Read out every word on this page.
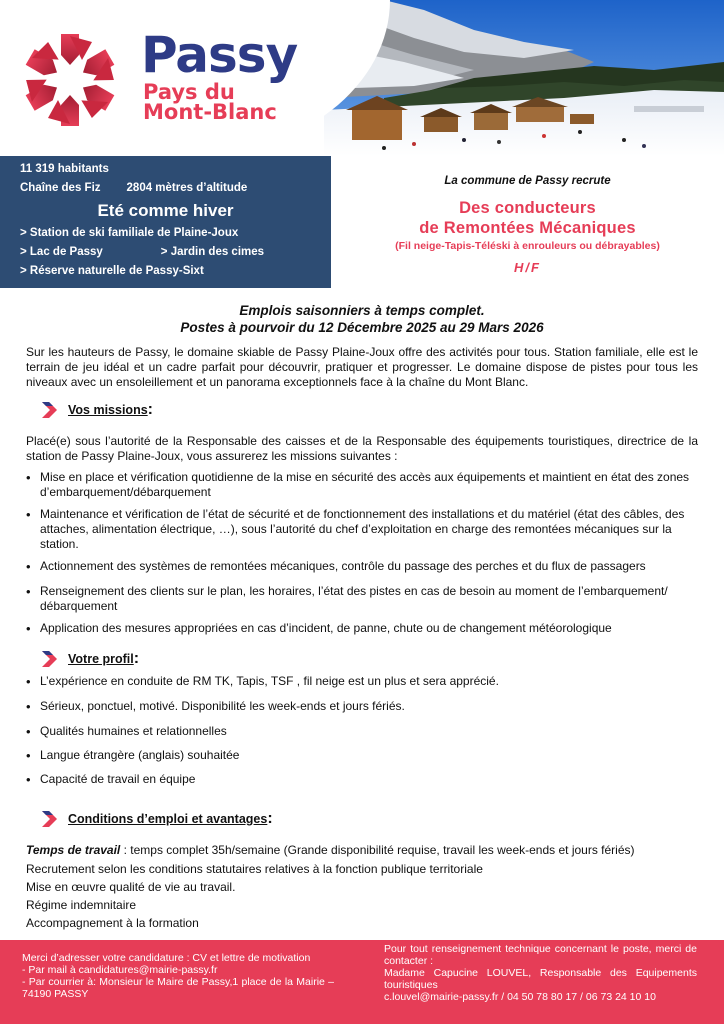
Passy
Pays du
Mont-Blanc
11 319 habitants
Chaîne des Fiz 2804 mètres d’altitude
Eté comme hiver
> Station de ski familiale de Plaine-Joux
> Lac de Passy	> Jardin des cimes
> Réserve naturelle de Passy-Sixt
La commune de Passy recrute
Des conducteurs
de Remontées Mécaniques
(Fil neige-Tapis-Téléski à enrouleurs ou débrayables)
H/F
Emplois saisonniers à temps complet.
Postes à pourvoir du 12 Décembre 2025 au 29 Mars 2026
Sur les hauteurs de Passy, le domaine skiable de Passy Plaine-Joux offre des activités pour tous. Station familiale, elle est le terrain de jeu idéal et un cadre parfait pour découvrir, pratiquer et progresser. Le domaine dispose de pistes pour tous les niveaux avec un ensoleillement et un panorama exceptionnels face à la chaîne du Mont Blanc.
Vos missions :
Placé(e) sous l’autorité de la Responsable des caisses et de la Responsable des équipements touristiques, directrice de la station de Passy Plaine-Joux, vous assurerez les missions suivantes :
• Mise en place et vérification quotidienne de la mise en sécurité des accès aux équipements et maintient en état des zones d’embarquement/débarquement
• Maintenance et vérification de l’état de sécurité et de fonctionnement des installations et du matériel (état des câbles, des attaches, alimentation électrique, …), sous l’autorité du chef d’exploitation en charge des remontées mécaniques sur la station.
• Actionnement des systèmes de remontées mécaniques, contrôle du passage des perches et du flux de passagers
• Renseignement des clients sur le plan, les horaires, l’état des pistes en cas de besoin au moment de l’embarquement/ débarquement
• Application des mesures appropriées en cas d’incident, de panne, chute ou de changement météorologique
Votre profil :
• L’expérience en conduite de RM TK, Tapis, TSF , fil neige est un plus et sera apprécié.
• Sérieux, ponctuel, motivé. Disponibilité les week-ends et jours fériés.
• Qualités humaines et relationnelles
• Langue étrangère (anglais) souhaitée
• Capacité de travail en équipe
Conditions d’emploi et avantages :
Temps de travail : temps complet 35h/semaine (Grande disponibilité requise, travail les week-ends et jours fériés)
Recrutement selon les conditions statutaires relatives à la fonction publique territoriale
Mise en œuvre qualité de vie au travail.
Régime indemnitaire
Accompagnement à la formation
Merci d’adresser votre candidature : CV et lettre de motivation
- Par mail à candidatures@mairie-passy.fr
- Par courrier à: Monsieur le Maire de Passy,1 place de la Mairie – 74190 PASSY
Pour tout renseignement technique concernant le poste, merci de contacter :
Madame Capucine LOUVEL, Responsable des Equipements touristiques
c.louvel@mairie-passy.fr / 04 50 78 80 17 / 06 73 24 10 10
